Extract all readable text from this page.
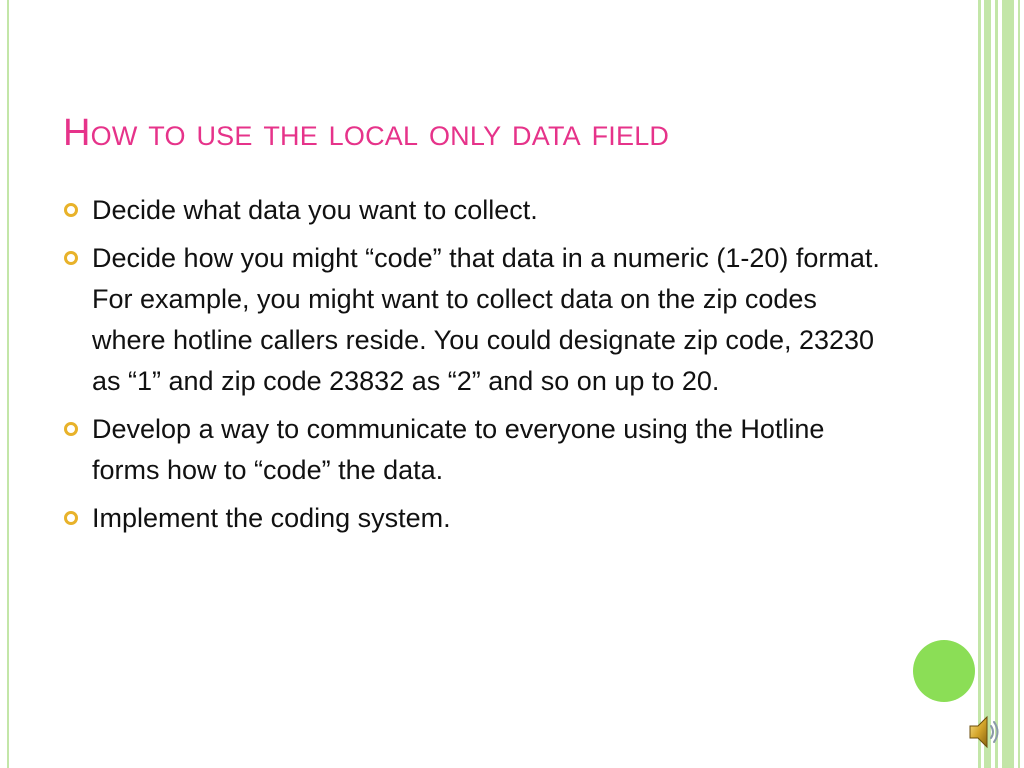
How to use the local only data field
Decide what data you want to collect.
Decide how you might “code” that data in a numeric (1-20) format. For example, you might want to collect data on the zip codes where hotline callers reside. You could designate zip code, 23230 as “1” and zip code 23832 as “2” and so on up to 20.
Develop a way to communicate to everyone using the Hotline forms how to “code” the data.
Implement the coding system.
